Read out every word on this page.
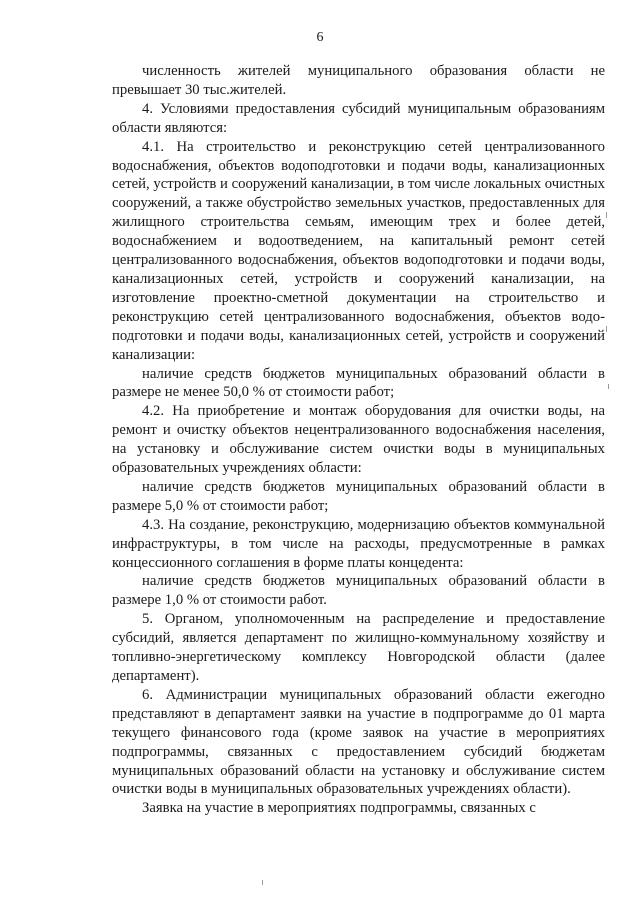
6

численность жителей муниципального образования области не превышает 30 тыс.жителей.

4. Условиями предоставления субсидий муниципальным образованиям области являются:

4.1. На строительство и реконструкцию сетей централизованного водоснабжения, объектов водоподготовки и подачи воды, канализационных сетей, устройств и сооружений канализации, в том числе локальных очистных сооружений, а также обустройство земельных участков, предоставленных для жилищного строительства семьям, имеющим трех и более детей, водоснабжением и водоотведением, на капитальный ремонт сетей централизованного водоснабжения, объектов водоподготовки и подачи воды, канализационных сетей, устройств и сооружений канализации, на изготовление проектно-сметной документации на строительство и реконструкцию сетей централизованного водоснабжения, объектов водо-подготовки и подачи воды, канализационных сетей, устройств и сооружений канализации:

наличие средств бюджетов муниципальных образований области в размере не менее 50,0 % от стоимости работ;

4.2. На приобретение и монтаж оборудования для очистки воды, на ремонт и очистку объектов нецентрализованного водоснабжения населения, на установку и обслуживание систем очистки воды в муниципальных образовательных учреждениях области:

наличие средств бюджетов муниципальных образований области в размере 5,0 % от стоимости работ;

4.3. На создание, реконструкцию, модернизацию объектов коммунальной инфраструктуры, в том числе на расходы, предусмотренные в рамках концессионного соглашения в форме платы концедента:

наличие средств бюджетов муниципальных образований области в размере 1,0 % от стоимости работ.

5. Органом, уполномоченным на распределение и предоставление субсидий, является департамент по жилищно-коммунальному хозяйству и топливно-энергетическому комплексу Новгородской области (далее департамент).

6. Администрации муниципальных образований области ежегодно представляют в департамент заявки на участие в подпрограмме до 01 марта текущего финансового года (кроме заявок на участие в мероприятиях подпрограммы, связанных с предоставлением субсидий бюджетам муниципальных образований области на установку и обслуживание систем очистки воды в муниципальных образовательных учреждениях области).

Заявка на участие в мероприятиях подпрограммы, связанных с
